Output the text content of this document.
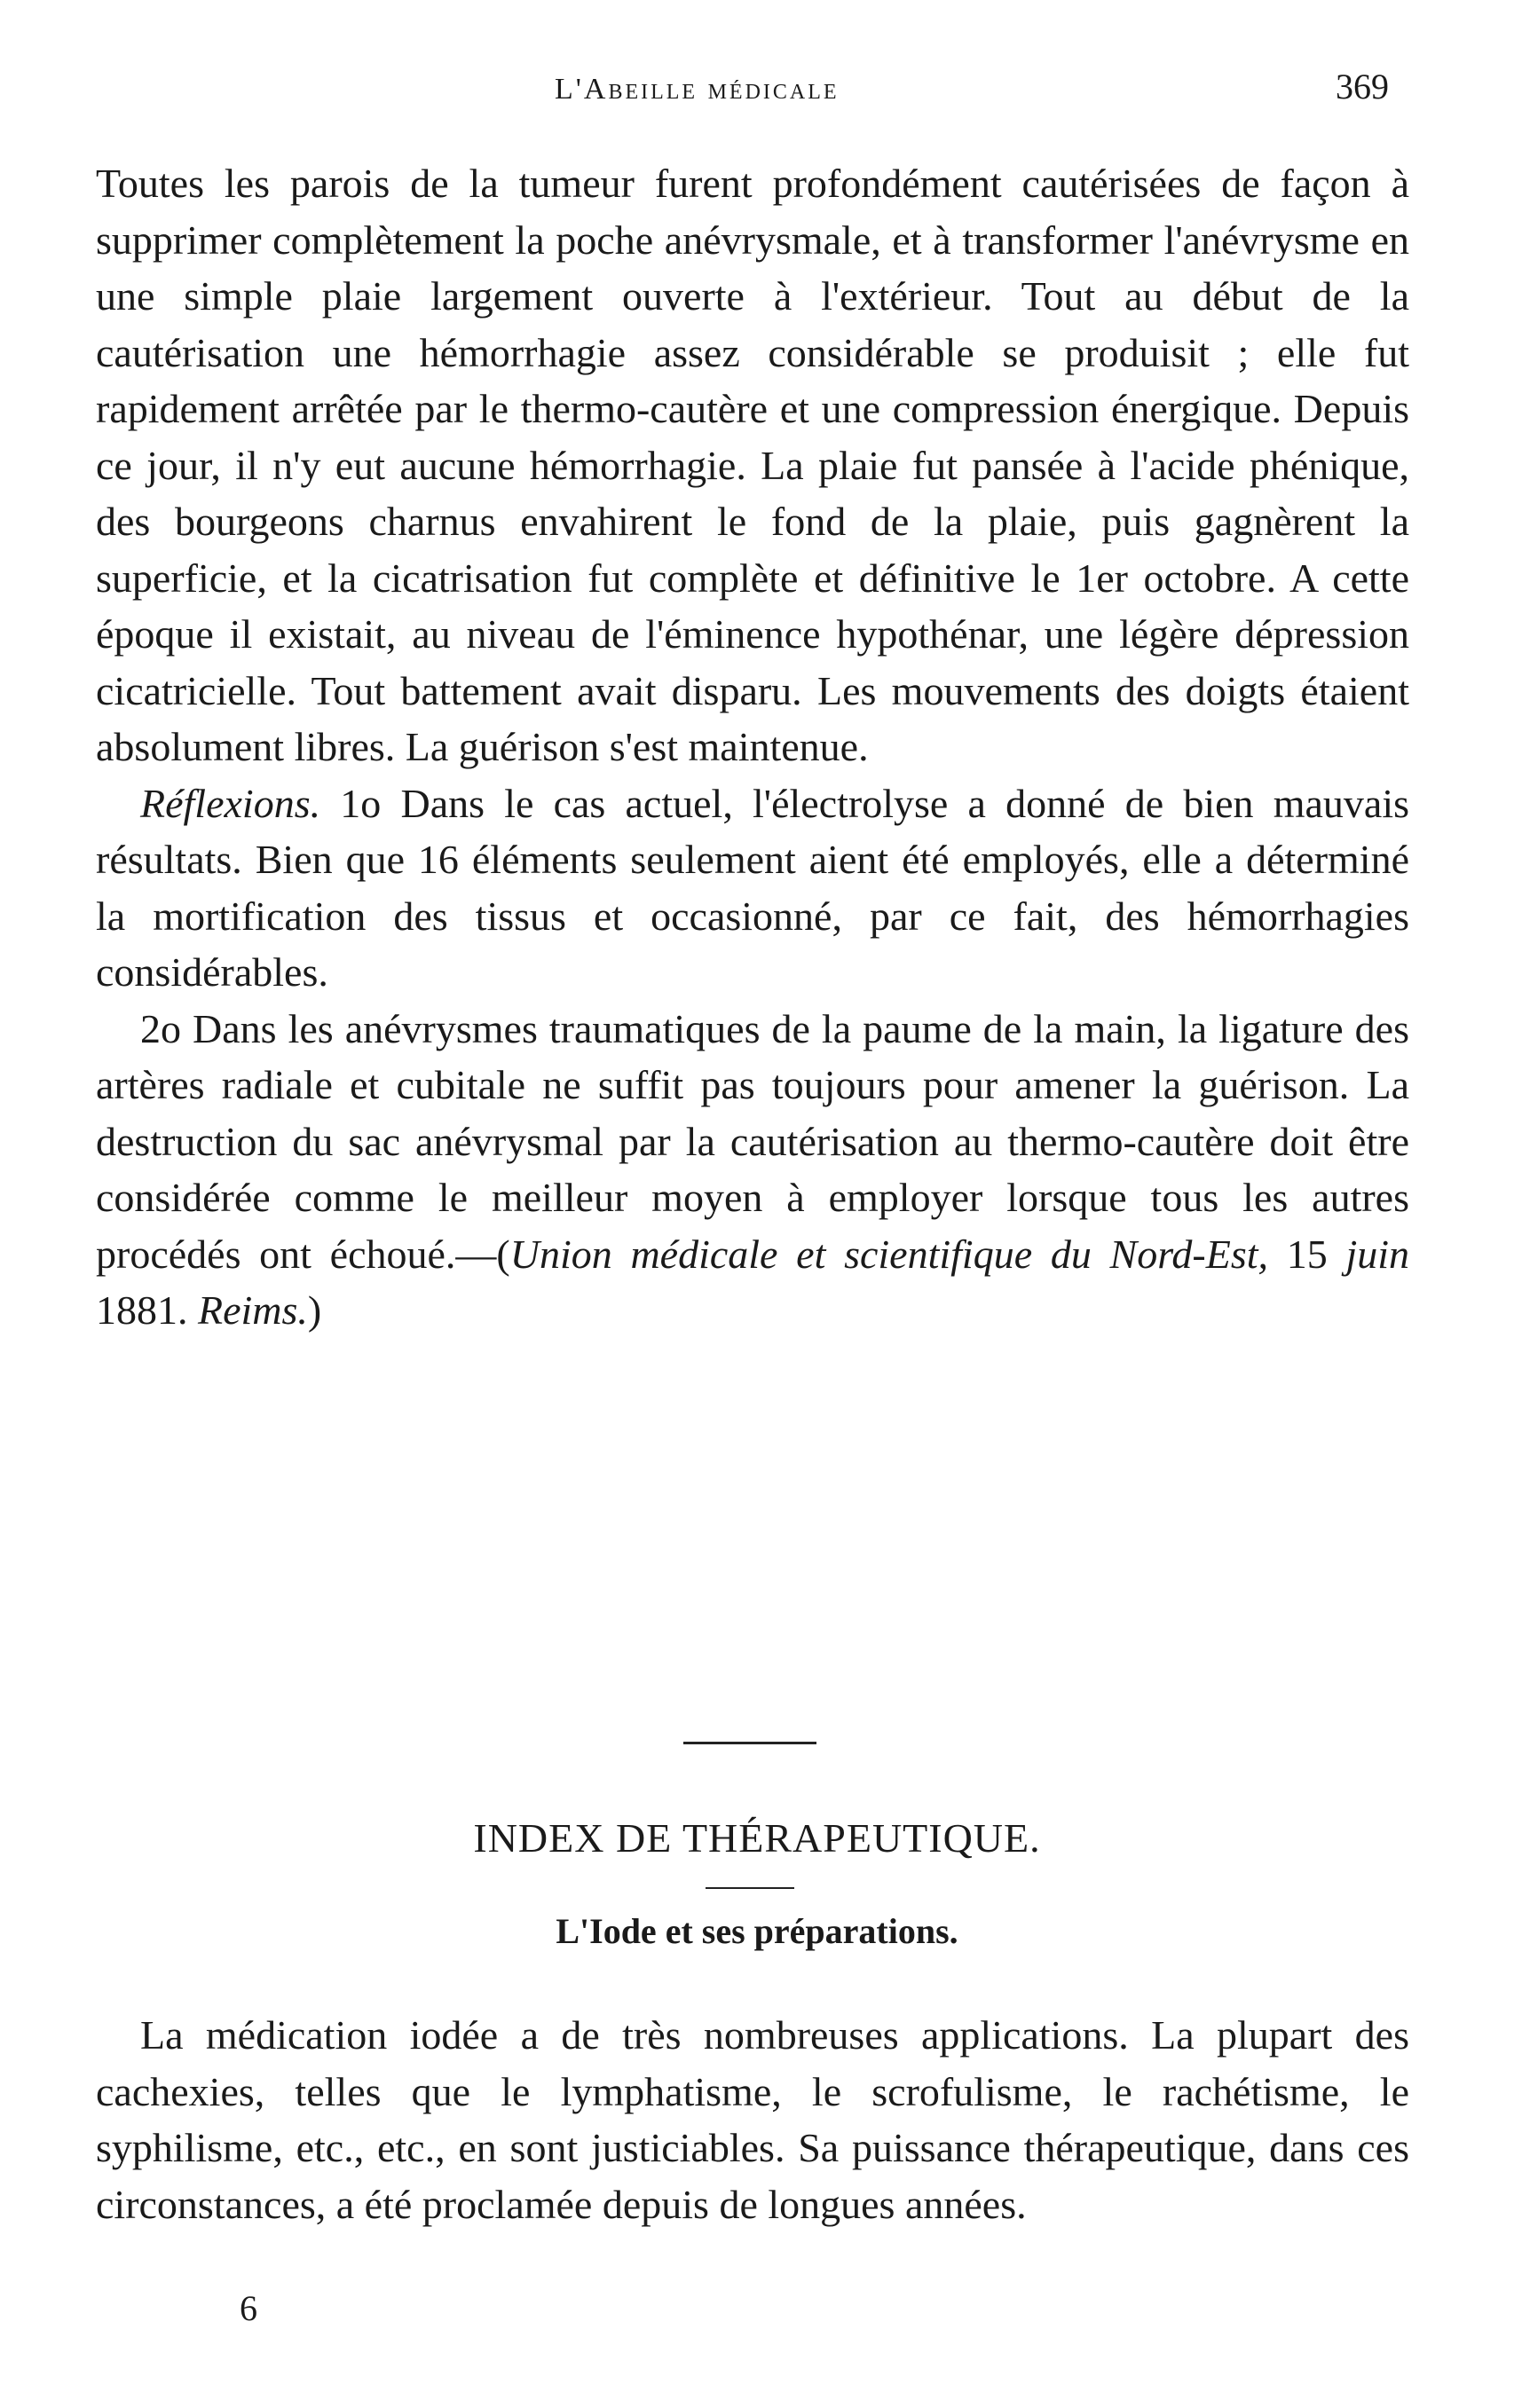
L'Abeille médicale	369

Toutes les parois de la tumeur furent profondément cautérisées de façon à supprimer complètement la poche anévrysmale, et à transformer l'anévrysme en une simple plaie largement ouverte à l'extérieur. Tout au début de la cautérisation une hémorrhagie assez considérable se produisit ; elle fut rapidement arrêtée par le thermo-cautère et une compression énergique. Depuis ce jour, il n'y eut aucune hémorrhagie. La plaie fut pansée à l'acide phénique, des bourgeons charnus envahirent le fond de la plaie, puis gagnèrent la superficie, et la cicatrisation fut complète et définitive le 1er octobre. A cette époque il existait, au niveau de l'éminence hypothénar, une légère dépression cicatricielle. Tout battement avait disparu. Les mouvements des doigts étaient absolument libres. La guérison s'est maintenue.

Réflexions. 1o Dans le cas actuel, l'électrolyse a donné de bien mauvais résultats. Bien que 16 éléments seulement aient été employés, elle a déterminé la mortification des tissus et occasionné, par ce fait, des hémorrhagies considérables.

2o Dans les anévrysmes traumatiques de la paume de la main, la ligature des artères radiale et cubitale ne suffit pas toujours pour amener la guérison. La destruction du sac anévrysmal par la cautérisation au thermo-cautère doit être considérée comme le meilleur moyen à employer lorsque tous les autres procédés ont échoué.—(Union médicale et scientifique du Nord-Est, 15 juin 1881. Reims.)

INDEX DE THÉRAPEUTIQUE.
L'Iode et ses préparations.

La médication iodée a de très nombreuses applications. La plupart des cachexies, telles que le lymphatisme, le scrofulisme, le rachétisme, le syphilisme, etc., etc., en sont justiciables. Sa puissance thérapeutique, dans ces circonstances, a été proclamée depuis de longues années.

6
